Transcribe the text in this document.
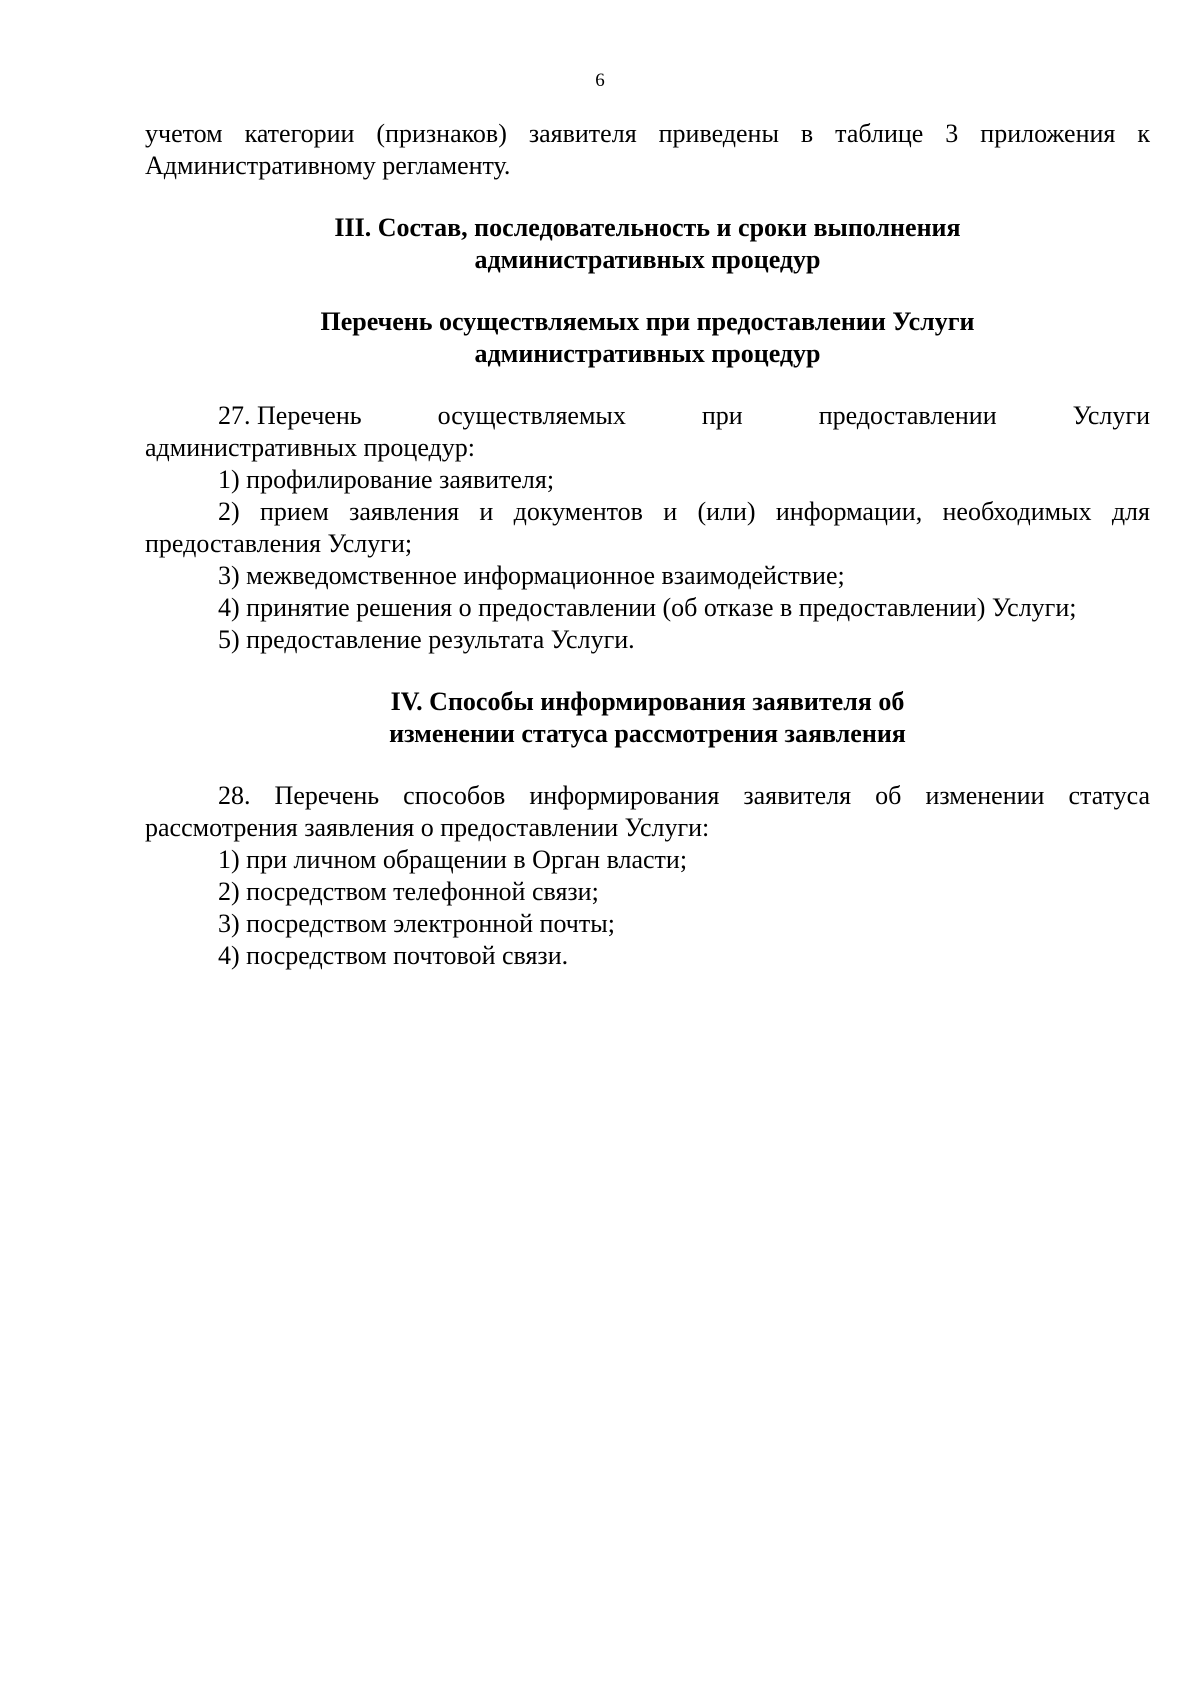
6

учетом категории (признаков) заявителя приведены в таблице 3 приложения к

Административному регламенту.

III. Состав, последовательность и сроки выполнения
административных процедур
Перечень осуществляемых при предоставлении Услуги
административных процедур
27. Перечень	осуществляемых	при	предоставлении	Услуги

административных процедур:

1) профилирование заявителя;

2) прием заявления и документов и (или) информации, необходимых для

предоставления Услуги;

3) межведомственное информационное взаимодействие;

4) принятие решения о предоставлении (об отказе в предоставлении) Услуги;

5) предоставление результата Услуги.

IV. Способы информирования заявителя об
изменении статуса рассмотрения заявления

28. Перечень способов информирования заявителя об изменении статуса

рассмотрения заявления о предоставлении Услуги:

1) при личном обращении в Орган власти;

2) посредством телефонной связи;

3) посредством электронной почты;

4) посредством почтовой связи.
